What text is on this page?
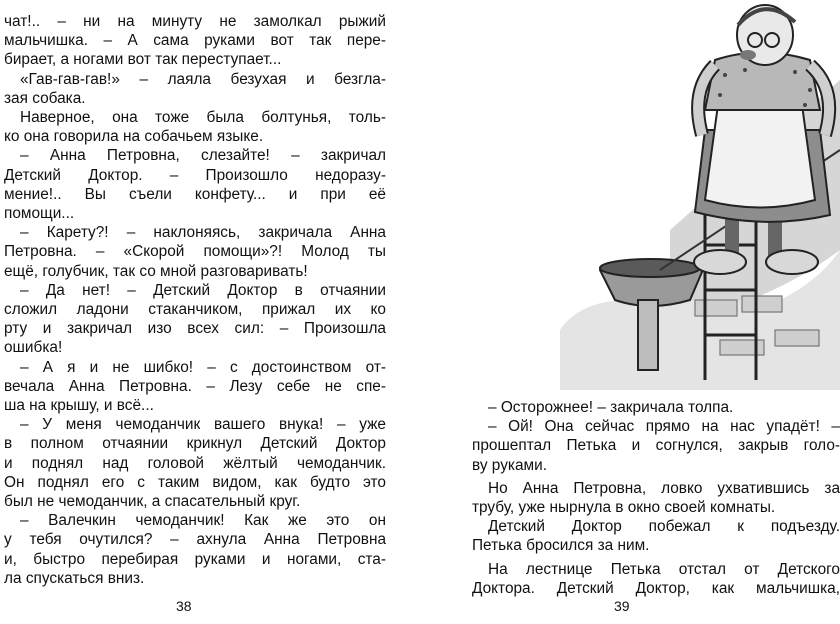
чат!.. – ни на минуту не замолкал рыжий
мальчишка. – А сама руками вот так пере-
бирает, а ногами вот так переступает...
«Гав-гав-гав!» – лаяла безухая и безгла-
зая собака.
Наверное, она тоже была болтунья, толь-
ко она говорила на собачьем языке.
– Анна Петровна, слезайте! – закричал
Детский Доктор. – Произошло недоразу-
мение!.. Вы съели конфету... и при её
помощи...
– Карету?! – наклоняясь, закричала Анна
Петровна. – «Скорой помощи»?! Молод ты
ещё, голубчик, так со мной разговаривать!
– Да нет! – Детский Доктор в отчаянии
сложил ладони стаканчиком, прижал их ко
рту и закричал изо всех сил: – Произошла
ошибка!
– А я и не шибко! – с достоинством от-
вечала Анна Петровна. – Лезу себе не спе-
ша на крышу, и всё...
– У меня чемоданчик вашего внука! – уже
в полном отчаянии крикнул Детский Доктор
и поднял над головой жёлтый чемоданчик.
Он поднял его с таким видом, как будто это
был не чемоданчик, а спасательный круг.
– Валечкин чемоданчик! Как же это он
у тебя очутился? – ахнула Анна Петровна
и, быстро перебирая руками и ногами, ста-
ла спускаться вниз.
38
– Осторожнее! – закричала толпа.
– Ой! Она сейчас прямо на нас упадёт! –
прошептал Петька и согнулся, закрыв голо-
ву руками.
Но Анна Петровна, ловко ухватившись за
трубу, уже нырнула в окно своей комнаты.
Детский Доктор побежал к подъезду.
Петька бросился за ним.
На лестнице Петька отстал от Детского
Доктора. Детский Доктор, как мальчишка,
39
